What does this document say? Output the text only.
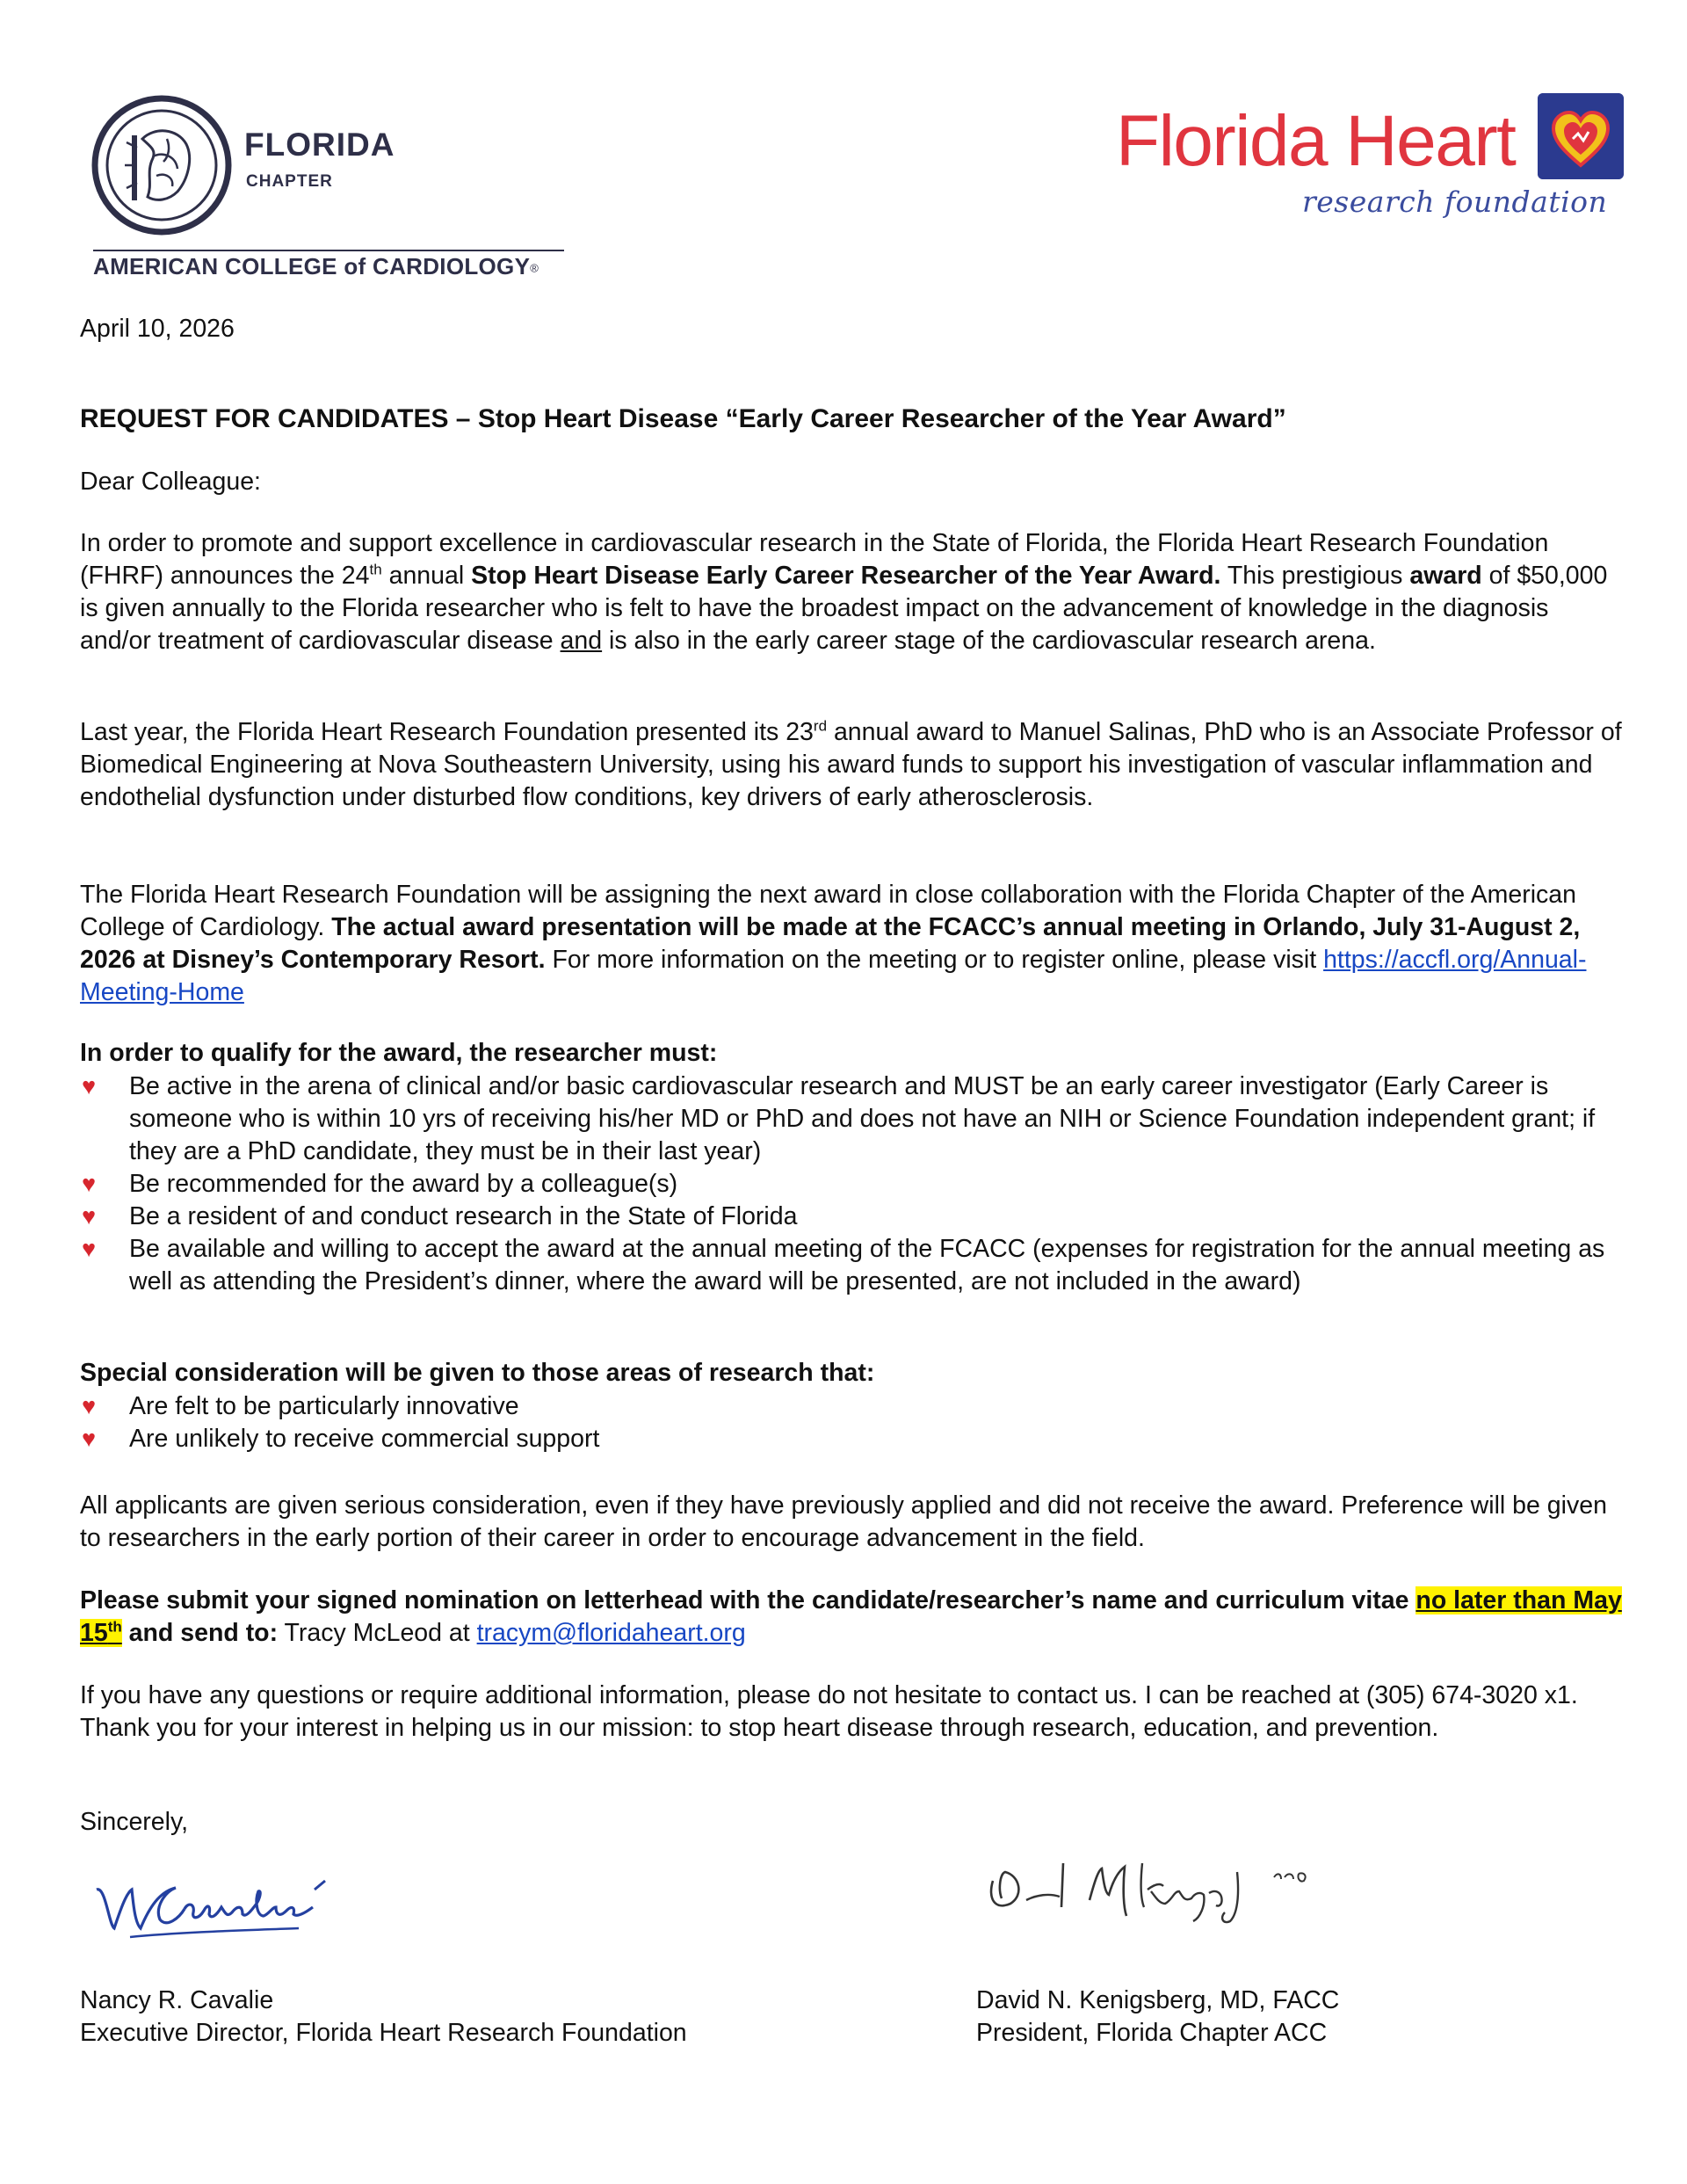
FLORIDA
CHAPTER
AMERICAN COLLEGE of CARDIOLOGY®
Florida Heart
research foundation

April 10, 2026

REQUEST FOR CANDIDATES – Stop Heart Disease “Early Career Researcher of the Year Award”

Dear Colleague:

In order to promote and support excellence in cardiovascular research in the State of Florida, the Florida Heart Research Foundation (FHRF) announces the 24th annual Stop Heart Disease Early Career Researcher of the Year Award. This prestigious award of $50,000 is given annually to the Florida researcher who is felt to have the broadest impact on the advancement of knowledge in the diagnosis and/or treatment of cardiovascular disease and is also in the early career stage of the cardiovascular research arena.

Last year, the Florida Heart Research Foundation presented its 23rd annual award to Manuel Salinas, PhD who is an Associate Professor of Biomedical Engineering at Nova Southeastern University, using his award funds to support his investigation of vascular inflammation and endothelial dysfunction under disturbed flow conditions, key drivers of early atherosclerosis.

The Florida Heart Research Foundation will be assigning the next award in close collaboration with the Florida Chapter of the American College of Cardiology. The actual award presentation will be made at the FCACC’s annual meeting in Orlando, July 31-August 2, 2026 at Disney’s Contemporary Resort. For more information on the meeting or to register online, please visit https://accfl.org/Annual-Meeting-Home

In order to qualify for the award, the researcher must:

♥ Be active in the arena of clinical and/or basic cardiovascular research and MUST be an early career investigator (Early Career is someone who is within 10 yrs of receiving his/her MD or PhD and does not have an NIH or Science Foundation independent grant; if they are a PhD candidate, they must be in their last year)
♥ Be recommended for the award by a colleague(s)
♥ Be a resident of and conduct research in the State of Florida
♥ Be available and willing to accept the award at the annual meeting of the FCACC (expenses for registration for the annual meeting as well as attending the President’s dinner, where the award will be presented, are not included in the award)

Special consideration will be given to those areas of research that:

♥ Are felt to be particularly innovative
♥ Are unlikely to receive commercial support

All applicants are given serious consideration, even if they have previously applied and did not receive the award. Preference will be given to researchers in the early portion of their career in order to encourage advancement in the field.

Please submit your signed nomination on letterhead with the candidate/researcher’s name and curriculum vitae no later than May 15th and send to: Tracy McLeod at tracym@floridaheart.org

If you have any questions or require additional information, please do not hesitate to contact us. I can be reached at (305) 674-3020 x1. Thank you for your interest in helping us in our mission: to stop heart disease through research, education, and prevention.

Sincerely,

Nancy R. Cavalie
Executive Director, Florida Heart Research Foundation
David N. Kenigsberg, MD, FACC
President, Florida Chapter ACC
